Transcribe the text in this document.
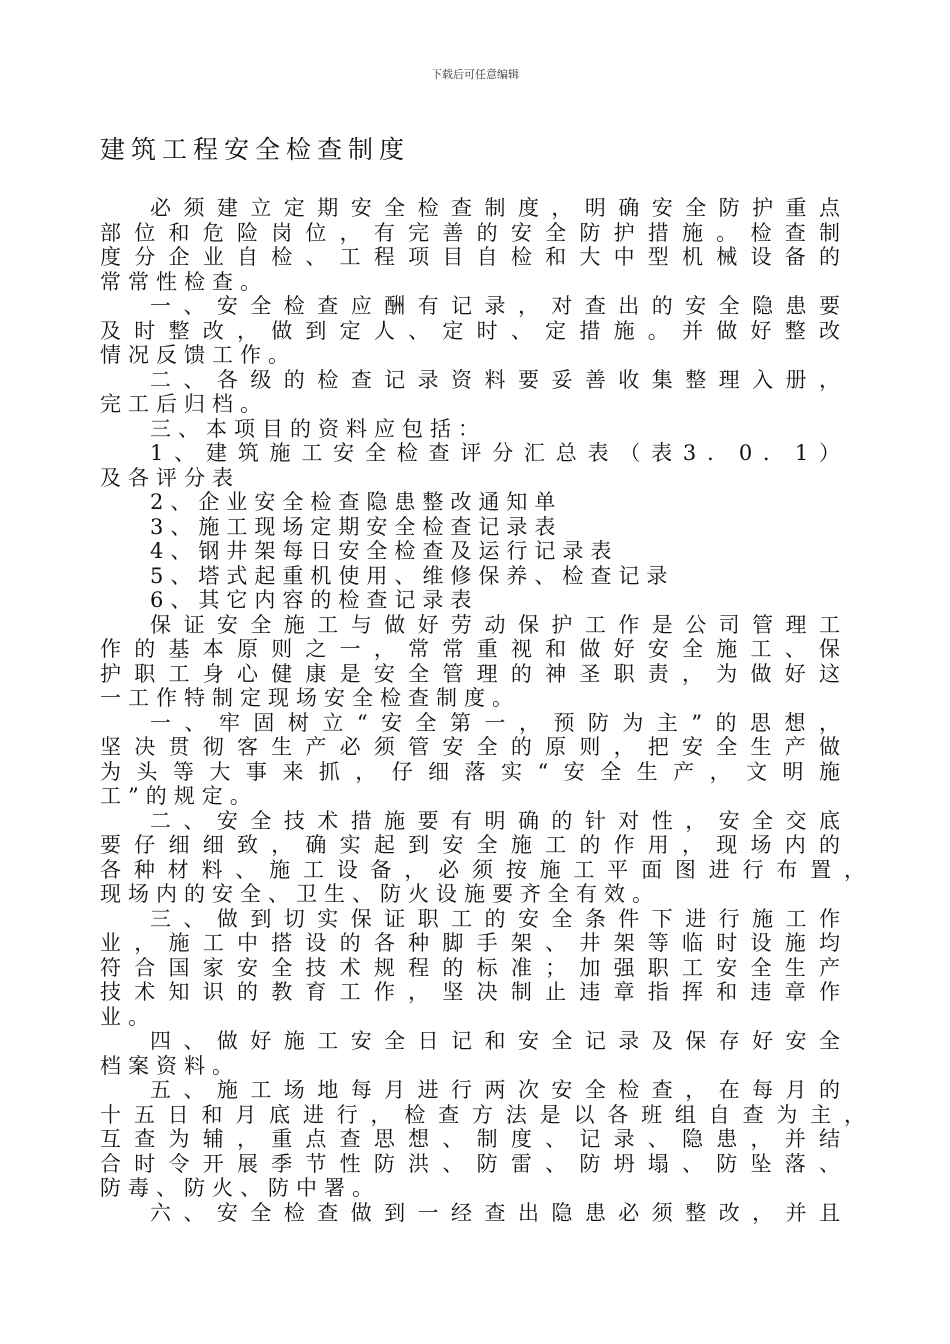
下载后可任意编辑
建筑工程安全检查制度
必须建立定期安全检查制度，明确安全防护重点
部位和危险岗位，有完善的安全防护措施。检查制
度分企业自检、工程项目自检和大中型机械设备的
常常性检查。
一、安全检查应酬有记录，对查出的安全隐患要
及时整改，做到定人、定时、定措施。并做好整改
情况反馈工作。
二、各级的检查记录资料要妥善收集整理入册，
完工后归档。
三、本项目的资料应包括：
1、建筑施工安全检查评分汇总表（表3．0．1）
及各评分表
2、企业安全检查隐患整改通知单
3、施工现场定期安全检查记录表
4、钢井架每日安全检查及运行记录表
5、塔式起重机使用、维修保养、检查记录
6、其它内容的检查记录表
保证安全施工与做好劳动保护工作是公司管理工
作的基本原则之一，常常重视和做好安全施工、保
护职工身心健康是安全管理的神圣职责，为做好这
一工作特制定现场安全检查制度。
一、牢固树立“安全第一，预防为主”的思想，
坚决贯彻客生产必须管安全的原则，把安全生产做
为头等大事来抓，仔细落实“安全生产，文明施
工”的规定。
二、安全技术措施要有明确的针对性，安全交底
要仔细细致，确实起到安全施工的作用，现场内的
各种材料、施工设备，必须按施工平面图进行布置，
现场内的安全、卫生、防火设施要齐全有效。
三、做到切实保证职工的安全条件下进行施工作
业，施工中搭设的各种脚手架、井架等临时设施均
符合国家安全技术规程的标准；加强职工安全生产
技术知识的教育工作，坚决制止违章指挥和违章作
业。
四、做好施工安全日记和安全记录及保存好安全
档案资料。
五、施工场地每月进行两次安全检查，在每月的
十五日和月底进行，检查方法是以各班组自查为主，
互查为辅，重点查思想、制度、记录、隐患，并结
合时令开展季节性防洪、防雷、防坍塌、防坠落、
防毒、防火、防中署。
六、安全检查做到一经查出隐患必须整改，并且
